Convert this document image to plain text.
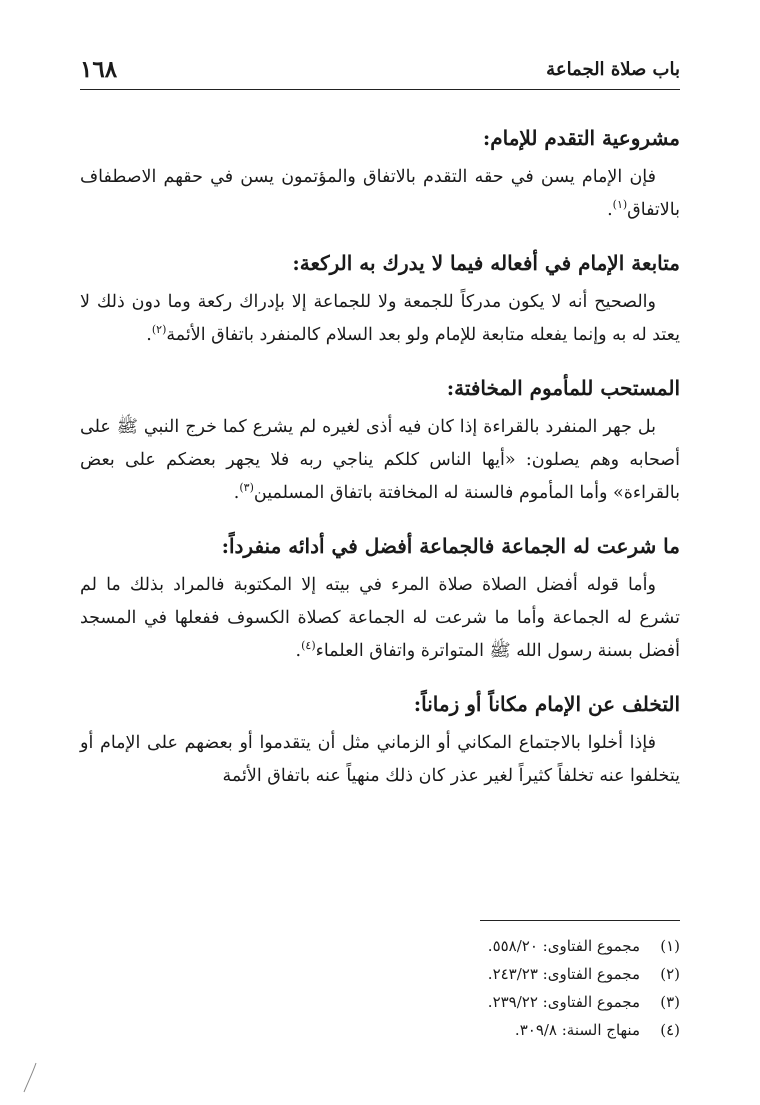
١٦٨	باب صلاة الجماعة
مشروعية التقدم للإمام:

فإن الإمام يسن في حقه التقدم بالاتفاق والمؤتمون يسن في حقهم الاصطفاف بالاتفاق$^{(١)}$.

متابعة الإمام في أفعاله فيما لا يدرك به الركعة:

والصحيح أنه لا يكون مدركاً للجمعة ولا للجماعة إلا بإدراك ركعة وما دون ذلك لا يعتد له به وإنما يفعله متابعة للإمام ولو بعد السلام كالمنفرد باتفاق الأئمة$^{(٢)}$.

المستحب للمأموم المخافتة:

بل جهر المنفرد بالقراءة إذا كان فيه أذى لغيره لم يشرع كما خرج النبي ﷺ على أصحابه وهم يصلون: «أيها الناس كلكم يناجي ربه فلا يجهر بعضكم على بعض بالقراءة» وأما المأموم فالسنة له المخافتة باتفاق المسلمين$^{(٣)}$.

ما شرعت له الجماعة فالجماعة أفضل في أدائه منفرداً:

وأما قوله أفضل الصلاة صلاة المرء في بيته إلا المكتوبة فالمراد بذلك ما لم تشرع له الجماعة وأما ما شرعت له الجماعة كصلاة الكسوف ففعلها في المسجد أفضل بسنة رسول الله ﷺ المتواترة واتفاق العلماء$^{(٤)}$.

التخلف عن الإمام مكاناً أو زماناً:

فإذا أخلوا بالاجتماع المكاني أو الزماني مثل أن يتقدموا أو بعضهم على الإمام أو يتخلفوا عنه تخلفاً كثيراً لغير عذر كان ذلك منهياً عنه باتفاق الأئمة

(١)
مجموع الفتاوى: ٥٥٨/٢٠.
(٢)
مجموع الفتاوى: ٢٤٣/٢٣.
(٣)
مجموع الفتاوى: ٢٣٩/٢٢.
(٤)
منهاج السنة: ٣٠٩/٨.
